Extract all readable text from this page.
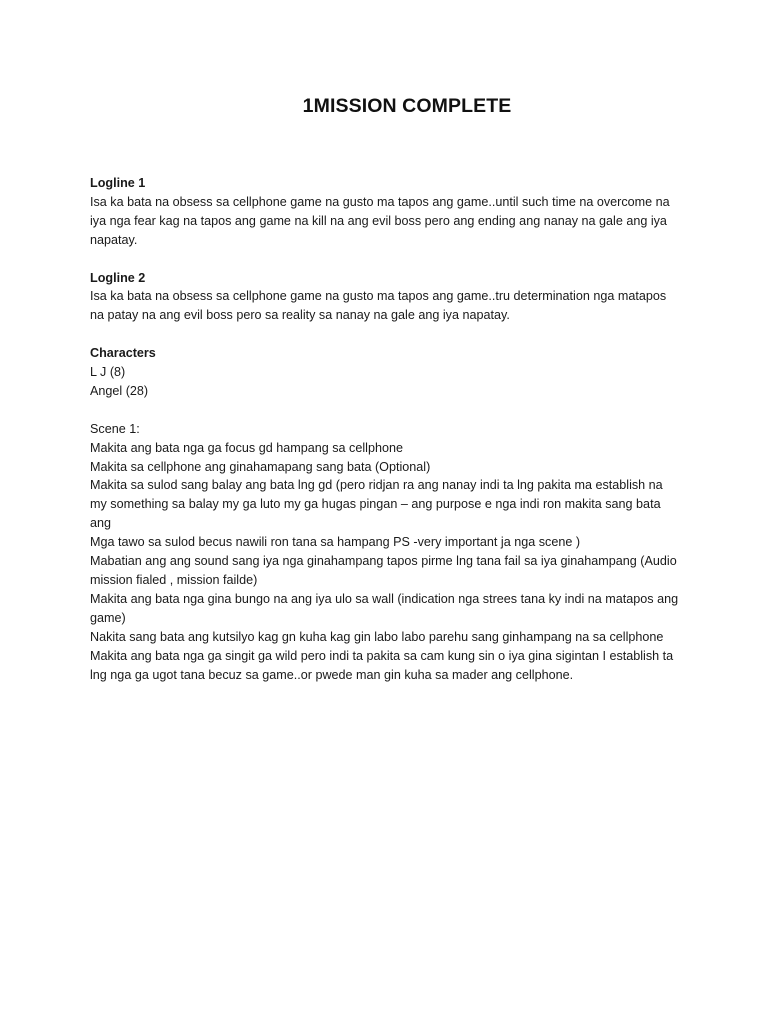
1MISSION COMPLETE
Logline 1
Isa ka bata na obsess sa cellphone game na gusto ma tapos ang game..until such time na overcome na
iya nga fear kag na tapos ang game na kill na ang evil boss pero ang ending ang nanay na gale ang iya
napatay.
Logline 2
Isa ka bata na obsess sa cellphone game na gusto ma tapos ang game..tru determination nga matapos
na patay na ang evil boss pero sa reality sa nanay na gale ang iya napatay.
Characters
L J (8)
Angel (28)
Scene 1:
Makita ang bata nga ga focus gd hampang sa cellphone
Makita sa cellphone ang ginahamapang sang bata (Optional)
Makita sa sulod sang balay ang bata lng gd (pero ridjan ra ang nanay indi ta lng pakita ma establish na
my something sa balay my ga luto my ga hugas pingan – ang purpose e nga indi ron makita sang bata
ang
Mga tawo sa sulod becus nawili ron tana sa hampang PS -very important ja nga scene )
Mabatian ang ang sound sang iya nga ginahampang tapos pirme lng tana fail sa iya ginahampang (Audio
mission fialed , mission failde)
Makita ang bata nga gina bungo na ang iya ulo sa wall (indication nga strees tana ky indi na matapos ang
game)
Nakita sang bata ang kutsilyo kag gn kuha kag gin labo labo parehu sang ginhampang na sa cellphone
Makita ang bata nga ga singit ga wild pero indi ta pakita sa cam kung sin o iya gina sigintan I establish ta
lng nga ga ugot tana becuz sa game..or pwede man gin kuha sa mader ang cellphone.
